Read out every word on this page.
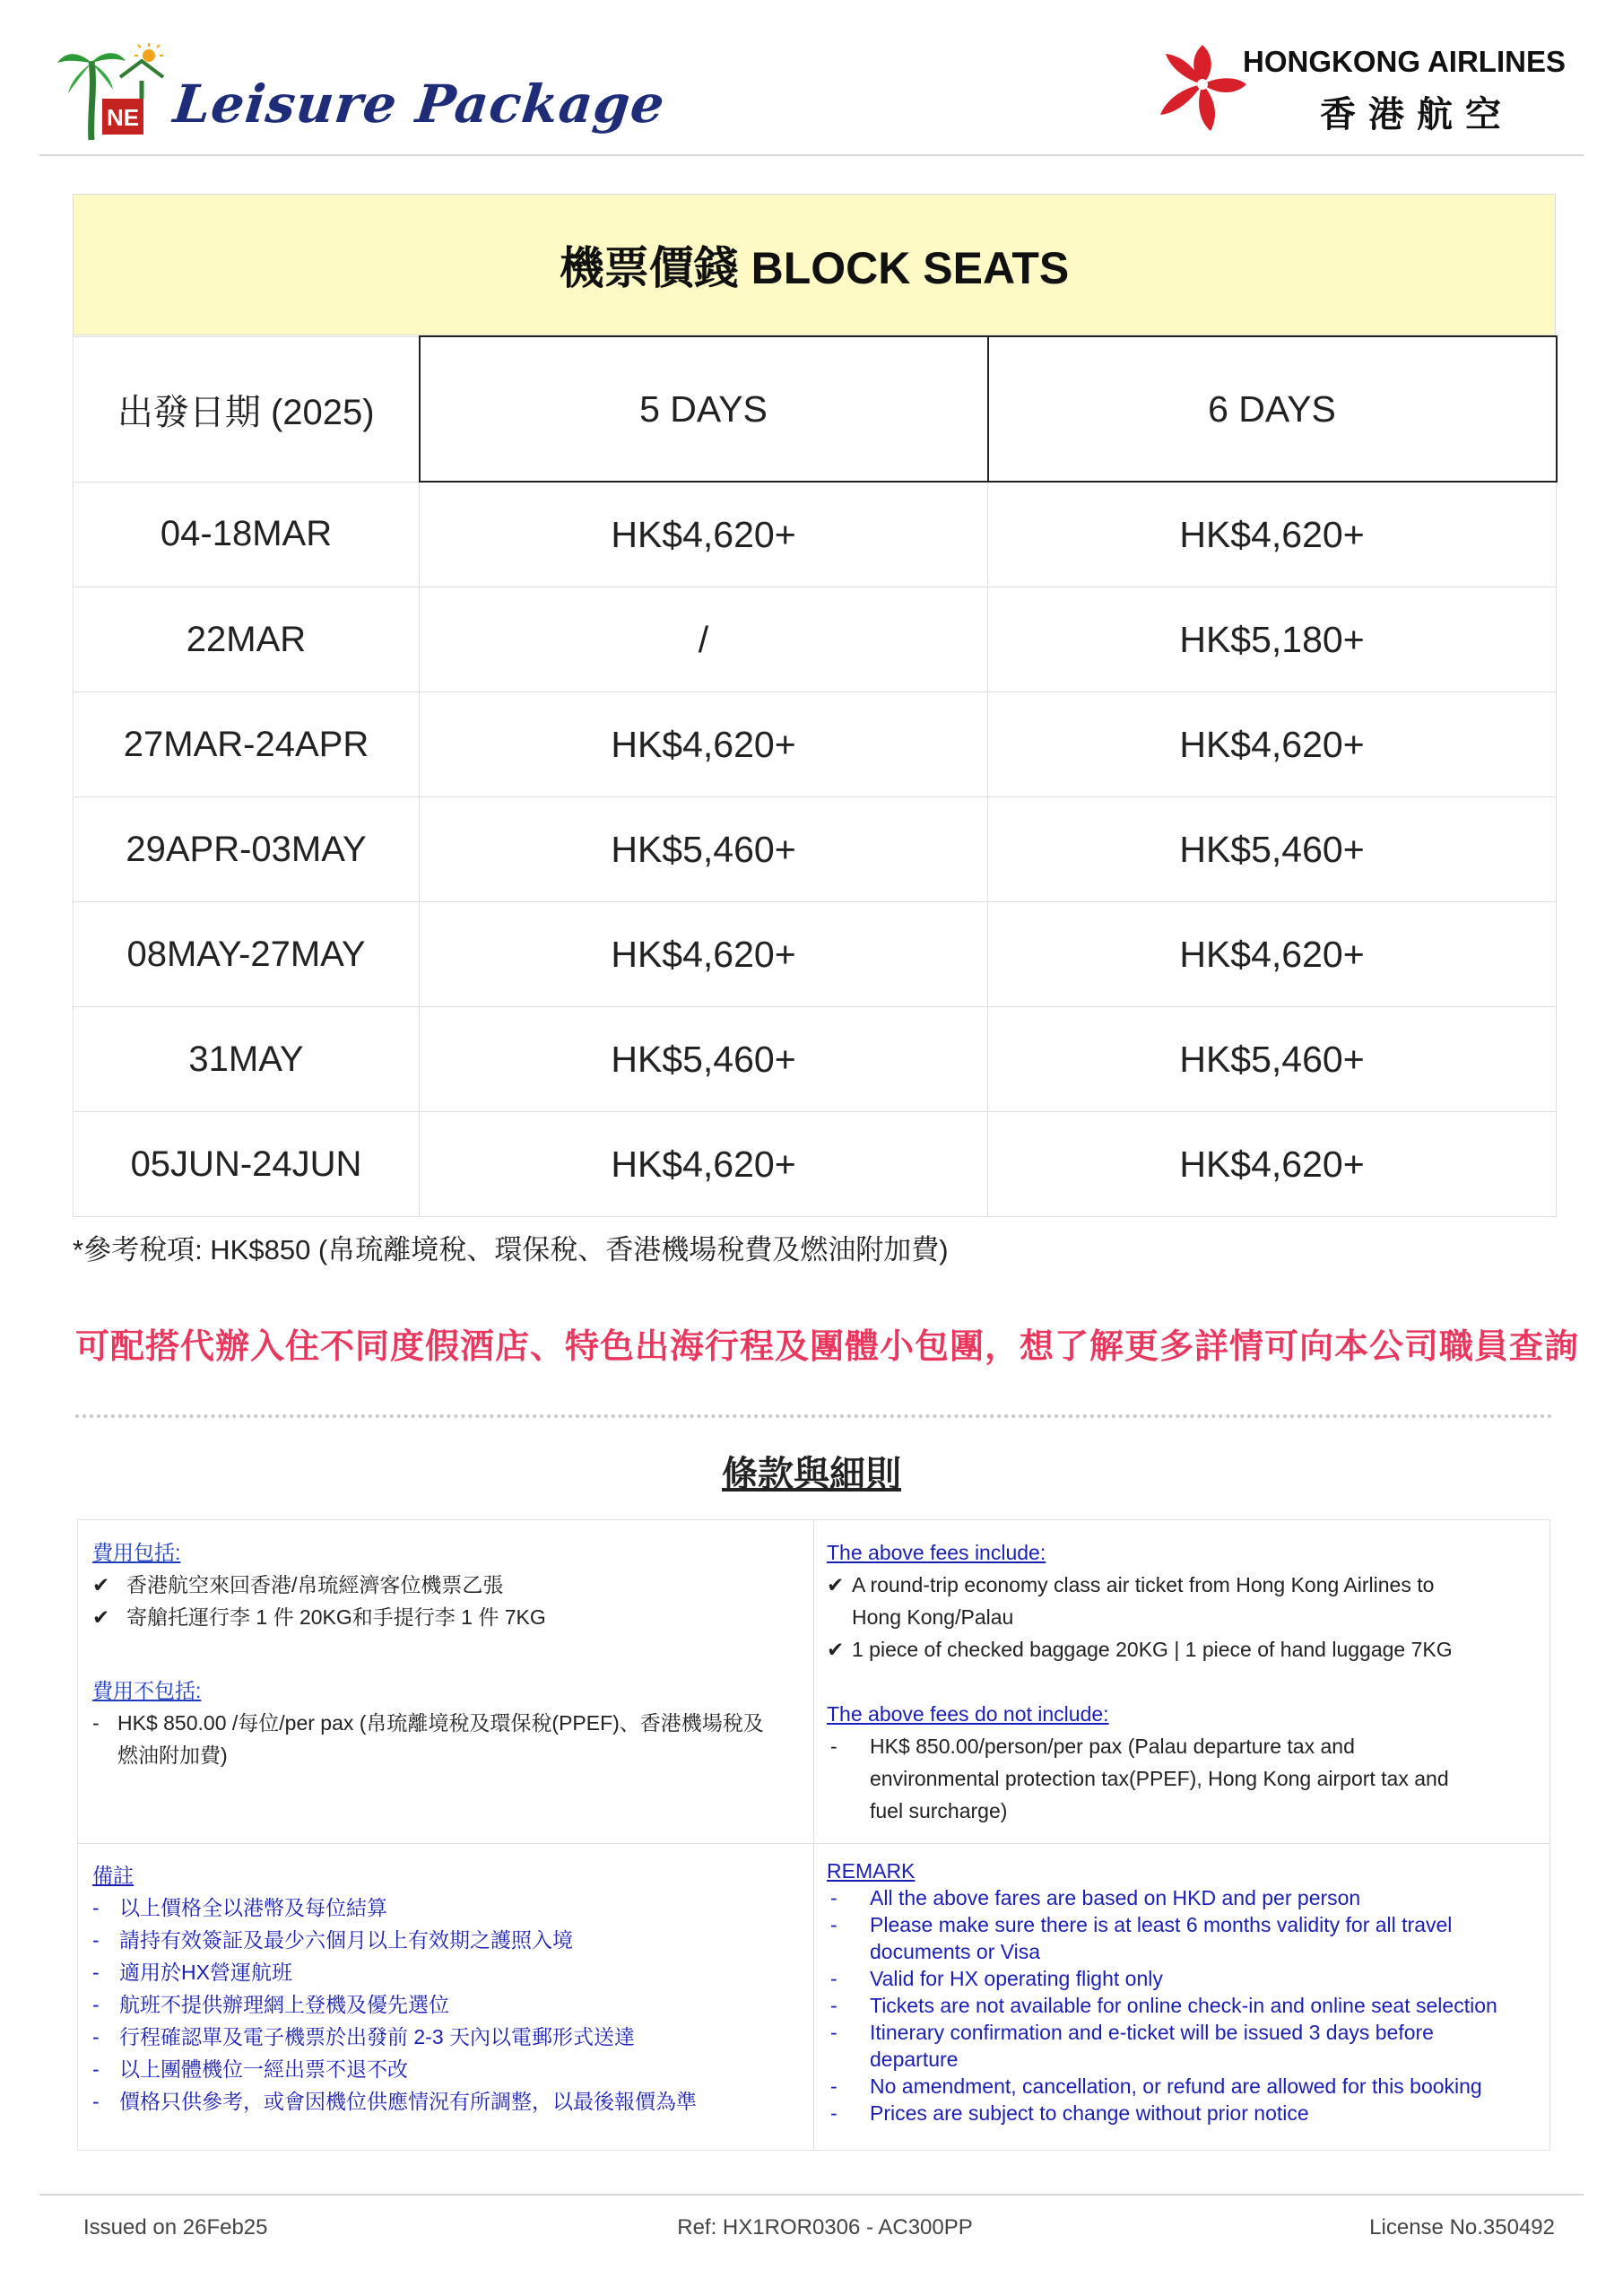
NE Leisure Package
HONGKONG AIRLINES
香港航空
機票價錢 BLOCK SEATS
出發日期 (2025)	5 DAYS	6 DAYS
04-18MAR	HK$4,620+	HK$4,620+
22MAR	/	HK$5,180+
27MAR-24APR	HK$4,620+	HK$4,620+
29APR-03MAY	HK$5,460+	HK$5,460+
08MAY-27MAY	HK$4,620+	HK$4,620+
31MAY	HK$5,460+	HK$5,460+
05JUN-24JUN	HK$4,620+	HK$4,620+
*參考稅項: HK$850 (帛琉離境稅、環保稅、香港機場稅費及燃油附加費)
可配搭代辦入住不同度假酒店、特色出海行程及團體小包團，想了解更多詳情可向本公司職員查詢
條款與細則
費用包括:
✔ 香港航空來回香港/帛琉經濟客位機票乙張
✔ 寄艙托運行李 1 件 20KG和手提行李 1 件 7KG
費用不包括:
- HK$ 850.00 /每位/per pax (帛琉離境稅及環保稅(PPEF)、香港機場稅及
燃油附加費)
The above fees include:
✔ A round-trip economy class air ticket from Hong Kong Airlines to
Hong Kong/Palau
✔ 1 piece of checked baggage 20KG | 1 piece of hand luggage 7KG
The above fees do not include:
- HK$ 850.00/person/per pax (Palau departure tax and
environmental protection tax(PPEF), Hong Kong airport tax and
fuel surcharge)
備註
- 以上價格全以港幣及每位結算
- 請持有效簽証及最少六個月以上有效期之護照入境
- 適用於HX營運航班
- 航班不提供辦理網上登機及優先選位
- 行程確認單及電子機票於出發前 2-3 天內以電郵形式送達
- 以上團體機位一經出票不退不改
- 價格只供參考，或會因機位供應情況有所調整，以最後報價為準
REMARK
- All the above fares are based on HKD and per person
- Please make sure there is at least 6 months validity for all travel
documents or Visa
- Valid for HX operating flight only
- Tickets are not available for online check-in and online seat selection
- Itinerary confirmation and e-ticket will be issued 3 days before
departure
- No amendment, cancellation, or refund are allowed for this booking
- Prices are subject to change without prior notice
Issued on 26Feb25	Ref: HX1ROR0306 - AC300PP	License No.350492
